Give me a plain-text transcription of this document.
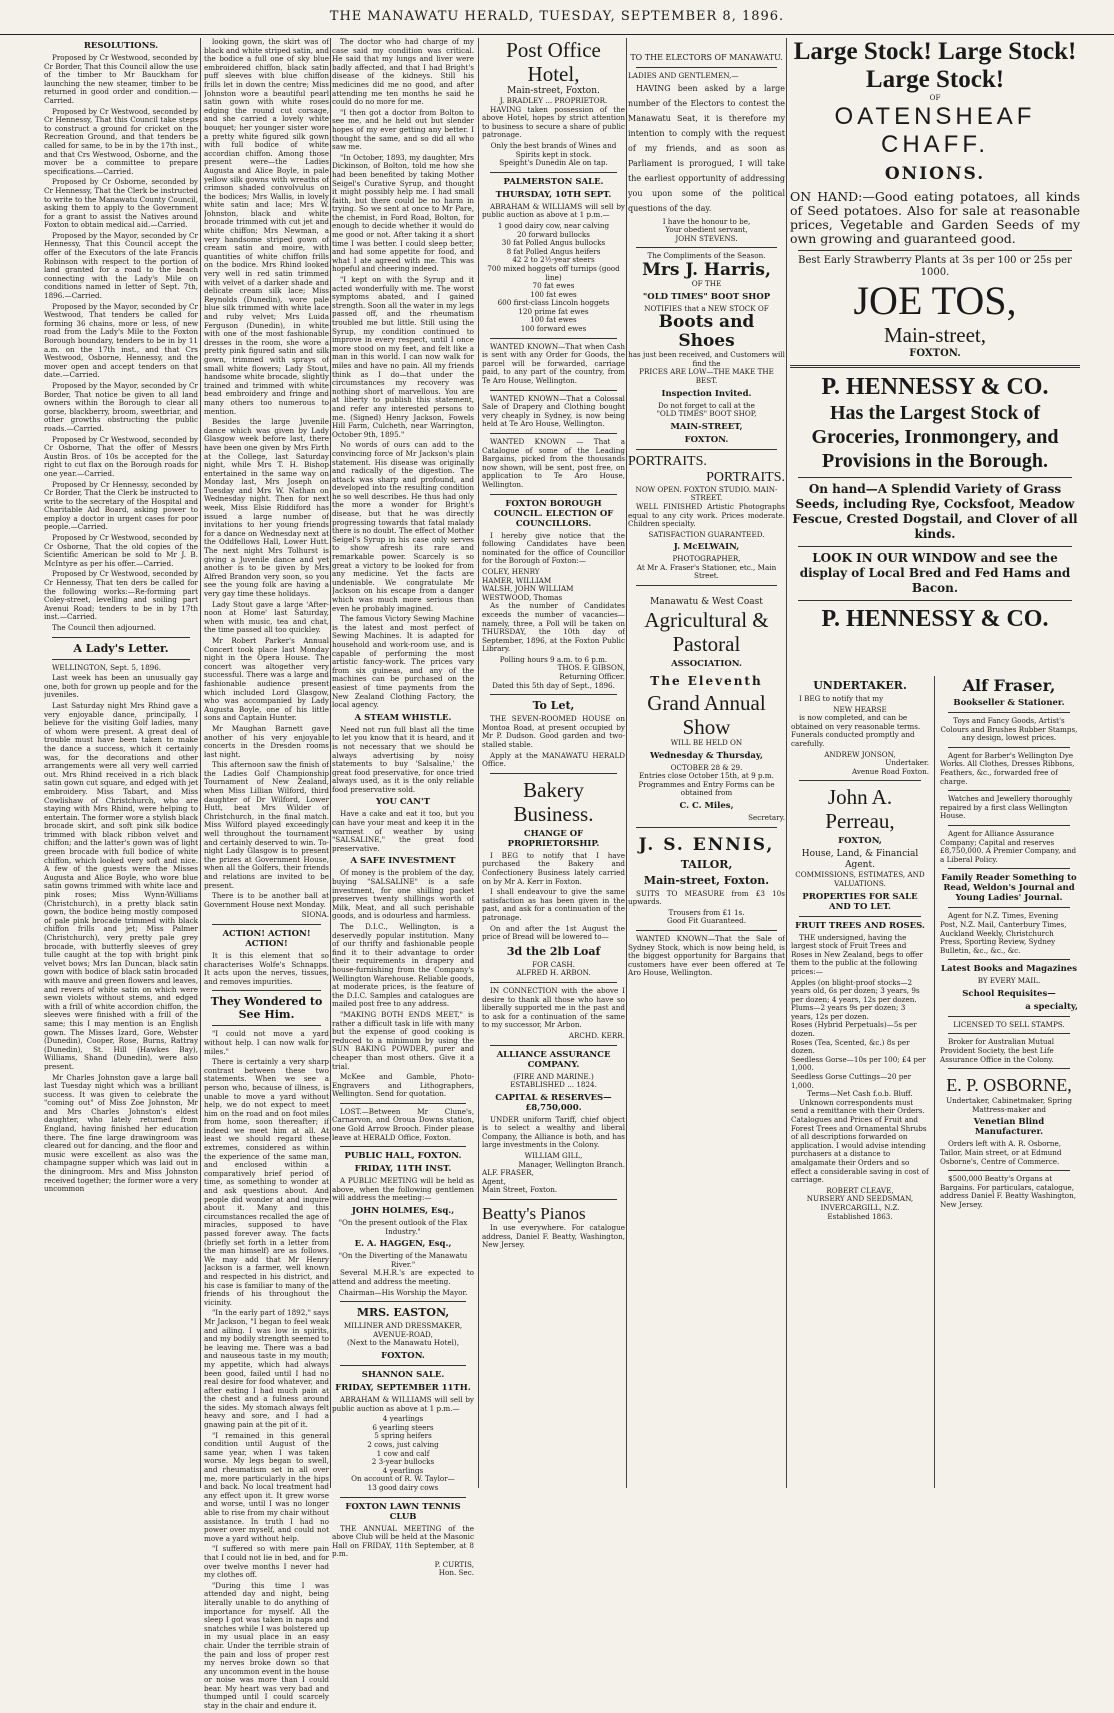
THE MANAWATU HERALD, TUESDAY, SEPTEMBER 8, 1896.
RESOLUTIONS.

Proposed by Cr Westwood, seconded by Cr Border, That this Council allow the use of the timber to Mr Bauckham for launching the new steamer, timber to be returned in good order and condition.—Carried.

Proposed by Cr Westwood, seconded by Cr Hennessy, That this Council take steps to construct a ground for cricket on the Recreation Ground, and that tenders be called for same, to be in by the 17th inst., and that Crs Westwood, Osborne, and the mover be a committee to prepare specifications.—Carried.

Proposed by Cr Osborne, seconded by Cr Hennessy, That the Clerk be instructed to write to the Manawatu County Council, asking them to apply to the Government for a grant to assist the Natives around Foxton to obtain medical aid.—Carried.

Proposed by the Mayor, seconded by Cr Hennessy, That this Council accept the offer of the Executors of the late Francis Robinson with respect to the portion of land granted for a road to the beach connecting with the Lady's Mile on conditions named in letter of Sept. 7th, 1896.—Carried.

Proposed by the Mayor, seconded by Cr Westwood, That tenders be called for forming 36 chains, more or less, of new road from the Lady's Mile to the Foxton Borough boundary, tenders to be in by 11 a.m. on the 17th inst., and that Crs Westwood, Osborne, Hennessy, and the mover open and accept tenders on that date.—Carried.

Proposed by the Mayor, seconded by Cr Border, That notice be given to all land owners within the Borough to clear all gorse, blackberry, broom, sweetbriar, and other growths obstructing the public roads.—Carried.

Proposed by Cr Westwood, seconded by Cr Osborne, That the offer of Messrs Austin Bros. of 10s be accepted for the right to cut flax on the Borough roads for one year.—Carried.

Proposed by Cr Hennessy, seconded by Cr Border, That the Clerk be instructed to write to the secretary of the Hospital and Charitable Aid Board, asking power to employ a doctor in urgent cases for poor people.—Carried.

Proposed by Cr Westwood, seconded by Cr Osborne, That the old copies of the Scientific American be sold to Mr J. B. McIntyre as per his offer.—Carried.

Proposed by Cr Westwood, seconded by Cr Hennessy, That ten ders be called for the following works:—Re-forming part Coley-street, levelling and soiling part Avenui Road; tenders to be in by 17th inst.—Carried.

The Council then adjourned.

A Lady's Letter.

WELLINGTON, Sept. 5, 1896.

Last week has been an unusually gay one, both for grown up people and for the juveniles.

Last Saturday night Mrs Rhind gave a very enjoyable dance, principally, I believe for the visiting Golf ladies, many of whom were present. A great deal of trouble must have been taken to make the dance a success, which it certainly was, for the decorations and other arrangements were all very well carried out. Mrs Rhind received in a rich black satin gown cut square, and edged with jet embroidery. Miss Tabart, and Miss Cowlishaw of Christchurch, who are staying with Mrs Rhind, were helping to entertain. The former wore a stylish black brocade skirt, and soft pink silk bodice trimmed with black ribbon velvet and chiffon; and the latter's gown was of light green brocade with full bodice of white chiffon, which looked very soft and nice. A few of the guests were the Misses Augusta and Alice Boyle, who wore blue satin gowns trimmed with white lace and pink roses; Miss Wynn-Williams (Christchurch), in a pretty black satin gown, the bodice being mostly composed of pale pink brocade trimmed with black chiffon frills and jet; Miss Palmer (Christchurch), very pretty pale grey brocade, with butterfly sleeves of grey tulle caught at the top with bright pink velvet bows; Mrs Ian Duncan, black satin gown with bodice of black satin brocaded with mauve and green flowers and leaves, and revers of white satin on which were sewn violets without stems, and edged with a frill of white accordion chiffon, the sleeves were finished with a frill of the same; this I may mention is an English gown. The Misses Izard, Gore, Webster (Dunedin), Cooper, Rose, Burns, Rattray (Dunedin), St. Hill (Hawkes Bay), Williams, Shand (Dunedin), were also present.

Mr Charles Johnston gave a large ball last Tuesday night which was a brilliant success. It was given to celebrate the "coming out" of Miss Zoe Johnston, Mr and Mrs Charles Johnston's eldest daughter, who lately returned from England, having finished her education there. The fine large drawingroom was cleared out for dancing, and the floor and music were excellent as also was the champagne supper which was laid out in the diningroom. Mrs and Miss Johnston received together; the former wore a very uncommon

looking gown, the skirt was of black and white striped satin, and the bodice a full one of sky blue embroidered chiffon, black satin puff sleeves with blue chiffon frills let in down the centre; Miss Johnston wore a beautiful pearl satin gown with white roses edging the round cut corsage, and she carried a lovely white bouquet; her younger sister wore a pretty white figured silk gown with full bodice of white accordian chiffon. Among those present were—the Ladies Augusta and Alice Boyle, in pale yellow silk gowns with wreaths of crimson shaded convolvulus on the bodices; Mrs Wallis, in lovely white satin and lace; Mrs W. Johnston, black and white brocade trimmed with cut jet and white chiffon; Mrs Newman, a very handsome striped gown of cream satin and moire, with quantities of white chiffon frills on the bodice. Mrs Rhind looked very well in red satin trimmed with velvet of a darker shade and delicate cream silk lace; Miss Reynolds (Dunedin), wore pale blue silk trimmed with white lace and ruby velvet; Mrs Luida Ferguson (Dunedin), in white with one of the most fashionable dresses in the room, she wore a pretty pink figured satin and silk gown, trimmed with sprays of small white flowers; Lady Stout, handsome white brocade, slightly trained and trimmed with white bead embroidery and fringe and many others too numerous to mention.

Besides the large Juvenile dance which was given by Lady Glasgow week before last, there have been one given by Mrs Firth at the College, last Saturday night, while Mrs T. H. Bishop entertained in the same way on Monday last, Mrs Joseph on Tuesday and Mrs W. Nathan on Wednesday night. Then for next week, Miss Elsie Riddiford has issued a large number of invitations to her young friends for a dance on Wednesday next at the Oddfellows Hall, Lower Hutt. The next night Mrs Tolhurst is giving a Juvenile dance and yet another is to be given by Mrs Alfred Brandon very soon, so you see the young folk are having a very gay time these holidays.

Lady Stout gave a large 'After-noon at Home' last Saturday, when with music, tea and chat, the time passed all too quickley.

Mr Robert Parker's Annual Concert took place last Monday night in the Opera House. The concert was altogether very successful. There was a large and fashionable audience present which included Lord Glasgow, who was accompanied by Lady Augusta Boyle, one of his little sons and Captain Hunter.

Mr Maughan Barnett gave another of his very enjoyable concerts in the Dresden rooms last night.

This afternoon saw the finish of the Ladies Golf Championship Tournament of New Zealand, when Miss Lillian Wilford, third daughter of Dr Wilford, Lower Hutt, beat Mrs Wilder of Christchurch, in the final match. Miss Wilford played exceedingly well throughout the tournament and certainly deserved to win. To-night Lady Glasgow is to present the prizes at Government House, when all the Golfers, their friends and relations are invited to be present.

There is to be another ball at Government House next Monday.

SIONA.

ACTION! ACTION! ACTION!

It is this element that so characterises Wolfe's Schnapps. It acts upon the nerves, tissues, and removes impurities.

They Wondered to See Him.

"I could not move a yard without help. I can now walk for miles."

There is certainly a very sharp contrast between these two statements. When we see a person who, because of illness, is unable to move a yard without help, we do not expect to meet him on the road and on foot miles from home, soon thereafter; if indeed we meet him at all. At least we should regard these extremes, considered as within the experience of the same man, and enclosed within a comparatively brief period of time, as something to wonder at and ask questions about. And people did wonder at and inquire about it. Many and this circumstances recalled the age of miracles, supposed to have passed forever away. The facts (briefly set forth in a letter from the man himself) are as follows. We may add that Mr Henry Jackson is a farmer, well known and respected in his district, and his case is familiar to many of the friends of his throughout the vicinity.

"In the early part of 1892," says Mr Jackson, "I began to feel weak and ailing. I was low in spirits, and my bodily strength seemed to be leaving me. There was a bad and nauseous taste in my mouth; my appetite, which had always been good, failed until I had no real desire for food whatever, and after eating I had much pain at the chest and a fulness around the sides. My stomach always felt heavy and sore, and I had a gnawing pain at the pit of it.

"I remained in this general condition until August of the same year, when I was taken worse. My legs began to swell, and rheumatism set in all over me, more particularly in the hips and back. No local treatment had any effect upon it. It grew worse and worse, until I was no longer able to rise from my chair without assistance. In truth I had no power over myself, and could not move a yard without help.

"I suffered so with mere pain that I could not lie in bed, and for over twelve months I never had my clothes off.

"During this time I was attended day and night, being literally unable to do anything of importance for myself. All the sleep I got was taken in naps and snatches while I was bolstered up in my usual place in an easy chair. Under the terrible strain of the pain and loss of proper rest my nerves broke down so that any uncommon event in the house or noise was more than I could bear. My heart was very bad and thumped until I could scarcely stay in the chair and endure it.

The doctor who had charge of my case said my condition was critical. He said that my lungs and liver were badly affected, and that I had Bright's disease of the kidneys. Still his medicines did me no good, and after attending me ten months he said he could do no more for me.

"I then got a doctor from Bolton to see me, and he held out but slender hopes of my ever getting any better. I thought the same, and so did all who saw me.

"In October, 1893, my daughter, Mrs Dickinson, of Bolton, told me how she had been benefited by taking Mother Seigel's Curative Syrup, and thought it might possibly help me. I had small faith, but there could be no harm in trying. So we sent at once to Mr Pare, the chemist, in Ford Road, Bolton, for enough to decide whether it would do me good or not. After taking it a short time I was better. I could sleep better, and had some appetite for food, and what I ate agreed with me. This was hopeful and cheering indeed.

"I kept on with the Syrup and it acted wonderfully with me. The worst symptoms abated, and I gained strength. Soon all the water in my legs passed off, and the rheumatism troubled me but little. Still using the Syrup, my condition continued to improve in every respect, until I once more stood on my feet, and felt like a man in this world. I can now walk for miles and have no pain. All my friends think as I do—that under the circumstances my recovery was nothing short of marvellous. You are at liberty to publish this statement, and refer any interested persons to me. (Signed) Henry Jackson, Fowels Hill Farm, Culcheth, near Warrington, October 9th, 1895."

No words of ours can add to the convincing force of Mr Jackson's plain statement. His disease was originally and radically of the digestion. The attack was sharp and profound, and developed into the resulting condition he so well describes. He thus had only the more a wonder for Bright's disease, but that he was directly progressing towards that fatal malady there is no doubt. The effect of Mother Seigel's Syrup in his case only serves to show afresh its rare and remarkable power. Scarcely is so great a victory to be looked for from any medicine. Yet the facts are undeniable. We congratulate Mr Jackson on his escape from a danger which was much more serious than even he probably imagined.

The famous Victory Sewing Machine is the latest and most perfect of Sewing Machines. It is adapted for household and work-room use, and is capable of performing the most artistic fancy-work. The prices vary from six guineas, and any of the machines can be purchased on the easiest of time payments from the New Zealand Clothing Factory, the local agency.

A STEAM WHISTLE.

Need not run full blast all the time to let you know that it is heard, and it is not necessary that we should be always advertising by noisy statements to buy 'Salsaline,' the great food preservative, for once tried always used, as it is the only reliable food preservative sold.

YOU CAN'T

Have a cake and eat it too, but you can have your meat and keep it in the warmest of weather by using "SALSALINE," the great food preservative.

A SAFE INVESTMENT

Of money is the problem of the day, buying "SALSALINE" is a safe investment, for one shilling packet preserves twenty shillings worth of Milk, Meat, and all such perishable goods, and is odourless and harmless.

The D.I.C., Wellington, is a deservedly popular institution. Many of our thrifty and fashionable people find it to their advantage to order their requirements in drapery and house-furnishing from the Company's Wellington Warehouse. Reliable goods, at moderate prices, is the feature of the D.I.C. Samples and catalogues are mailed post free to any address.

"MAKING BOTH ENDS MEET," is rather a difficult task in life with many but the expense of good cooking is reduced to a minimum by using the SUN BAKING POWDER, purer and cheaper than most others. Give it a trial.

McKee and Gamble, Photo-Engravers and Lithographers, Wellington. Send for quotation.

LOST.—Between Mr Clune's, Carnarvon, and Oroua Downs station, one Gold Arrow Brooch. Finder please leave at HERALD Office, Foxton.

PUBLIC HALL, FOXTON.
FRIDAY, 11TH INST.

A PUBLIC MEETING will be held as above, when the following gentlemen will address the meeting:—

JOHN HOLMES, Esq.,
"On the present outlook of the Flax Industry."
E. A. HAGGEN, Esq.,
"On the Diverting of the Manawatu River."

Several M.H.R.'s are expected to attend and address the meeting.

Chairman—His Worship the Mayor.
MRS. EASTON,
MILLINER AND DRESSMAKER,
AVENUE-ROAD,
(Next to the Manawatu Hotel),
FOXTON.
SHANNON SALE.
FRIDAY, SEPTEMBER 11TH.

ABRAHAM & WILLIAMS will sell by public auction as above at 1 p.m.—

4 yearlings
6 yearling steers
5 spring heifers
2 cows, just calving
1 cow and calf
2 3-year bullocks
4 yearlings
On account of R. W. Taylor—
13 good dairy cows
FOXTON LAWN TENNIS CLUB

THE ANNUAL MEETING of the above Club will be held at the Masonic Hall on FRIDAY, 11th September, at 8 p.m.

P. CURTIS,
Hon. Sec.
Post Office Hotel,
Main-street, Foxton.
J. BRADLEY ... PROPRIETOR.

HAVING taken possession of the above Hotel, hopes by strict attention to business to secure a share of public patronage.

Only the best brands of Wines and Spirits kept in stock.
Speight's Dunedin Ale on tap.
PALMERSTON SALE.
THURSDAY, 10TH SEPT.

ABRAHAM & WILLIAMS will sell by public auction as above at 1 p.m.—

1 good dairy cow, near calving
20 forward bullocks
30 fat Polled Angus bullocks
8 fat Polled Angus heifers
42 2 to 2½-year steers
700 mixed hoggets off turnips (good line)
70 fat ewes
100 fat ewes
600 first-class Lincoln hoggets
120 prime fat ewes
100 fat ewes
100 forward ewes

WANTED KNOWN—That when Cash is sent with any Order for Goods, the parcel will be forwarded, carriage paid, to any part of the country, from Te Aro House, Wellington.

WANTED KNOWN—That a Colossal Sale of Drapery and Clothing bought very cheaply in Sydney, is now being held at Te Aro House, Wellington.

WANTED KNOWN — That a Catalogue of some of the Leading Bargains, picked from the thousands now shown, will be sent, post free, on application to Te Aro House, Wellington.

FOXTON BOROUGH COUNCIL. ELECTION OF COUNCILLORS.

I hereby give notice that the following Candidates have been nominated for the office of Councillor for the Borough of Foxton:—

COLEY, HENRY
HAMER, WILLIAM
WALSH, JOHN WILLIAM
WESTWOOD, Thomas

As the number of Candidates exceeds the number of vacancies—namely, three, a Poll will be taken on THURSDAY, the 10th day of September, 1896, at the Foxton Public Library.

Polling hours 9 a.m. to 6 p.m.
THOS. F. GIBSON,
Returning Officer.
Dated this 5th day of Sept., 1896.
To Let,

THE SEVEN-ROOMED HOUSE on Montoa Road, at present occupied by Mr P. Dudson. Good garden and two-stalled stable.

Apply at the MANAWATU HERALD Office.

Bakery Business.
CHANGE OF PROPRIETORSHIP.

I BEG to notify that I have purchased the Bakery and Confectionery Business lately carried on by Mr A. Kerr in Foxton.

I shall endeavour to give the same satisfaction as has been given in the past, and ask for a continuation of the patronage.

On and after the 1st August the price of Bread will be lowered to—

3d the 2lb Loaf
FOR CASH.
ALFRED H. ARBON.

IN CONNECTION with the above I desire to thank all those who have so liberally supported me in the past and to ask for a continuation of the same to my successor, Mr Arbon.

ARCHD. KERR.
ALLIANCE ASSURANCE COMPANY.
(FIRE AND MARINE.)
ESTABLISHED ... 1824.
CAPITAL & RESERVES—£8,750,000.

UNDER uniform Tariff, chief object is to select a wealthy and liberal Company, the Alliance is both, and has large investments in the Colony.

WILLIAM GILL,
Manager, Wellington Branch.
ALF. FRASER,
Agent,
Main Street, Foxton.
Beatty's Pianos

In use everywhere. For catalogue address, Daniel F. Beatty, Washington, New Jersey.

TO THE ELECTORS OF MANAWATU.
LADIES AND GENTLEMEN,—

HAVING been asked by a large number of the Electors to contest the Manawatu Seat, it is therefore my intention to comply with the request of my friends, and as soon as Parliament is prorogued, I will take the earliest opportunity of addressing you upon some of the political questions of the day.

I have the honour to be,
Your obedient servant,
JOHN STEVENS.
The Compliments of the Season.
Mrs J. Harris,
OF THE
"OLD TIMES" BOOT SHOP
NOTIFIES that a NEW STOCK OF
Boots and Shoes
has just been received, and Customers will find the
PRICES ARE LOW—THE MAKE THE BEST.
Inspection Invited.
Do not forget to call at the
"OLD TIMES" BOOT SHOP,
MAIN-STREET,
FOXTON.
PORTRAITS.
PORTRAITS.
NOW OPEN. FOXTON STUDIO. MAIN-STREET.

WELL FINISHED Artistic Photographs equal to any city work. Prices moderate. Children specialty.

SATISFACTION GUARANTEED.
J. McELWAIN,
PHOTOGRAPHER,
At Mr A. Fraser's Stationer, etc., Main Street.
Manawatu & West Coast
Agricultural & Pastoral
ASSOCIATION.
The Eleventh
Grand Annual Show
WILL BE HELD ON
Wednesday & Thursday,
OCTOBER 28 & 29.
Entries close October 15th, at 9 p.m.
Programmes and Entry Forms can be obtained from
C. C. Miles,
Secretary.
J. S. ENNIS,
TAILOR,
Main-street, Foxton.

SUITS TO MEASURE from £3 10s upwards.

Trousers from £1 1s.
Good Fit Guaranteed.

WANTED KNOWN—That the Sale of Sydney Stock, which is now being held, is the biggest opportunity for Bargains that customers have ever been offered at Te Aro House, Wellington.

Large Stock! Large Stock!
Large Stock!
OF
OATENSHEAF CHAFF.
ONIONS.
ON HAND:—Good eating potatoes, all kinds of Seed potatoes. Also for sale at reasonable prices, Vegetable and Garden Seeds of my own growing and guaranteed good.
Best Early Strawberry Plants at 3s per 100 or 25s per 1000.
JOE TOS,
Main-street,
FOXTON.
P. HENNESSY & CO.
Has the Largest Stock of Groceries, Ironmongery, and Provisions in the Borough.
On hand—A Splendid Variety of Grass Seeds, including Rye, Cocksfoot, Meadow Fescue, Crested Dogstail, and Clover of all kinds.
LOOK IN OUR WINDOW and see the display of Local Bred and Fed Hams and Bacon.
P. HENNESSY & CO.
UNDERTAKER.

I BEG to notify that my

NEW HEARSE

is now completed, and can be obtained on very reasonable terms. Funerals conducted promptly and carefully.

ANDREW JONSON,
Undertaker.
Avenue Road Foxton.
John A. Perreau,
FOXTON,
House, Land, & Financial Agent.
COMMISSIONS, ESTIMATES, AND VALUATIONS.
PROPERTIES FOR SALE AND TO LET.
FRUIT TREES AND ROSES.

THE undersigned, having the largest stock of Fruit Trees and Roses in New Zealand, begs to offer them to the public at the following prices:—

Apples (on blight-proof stocks—2 years old, 6s per dozen; 3 years, 9s per dozen; 4 years, 12s per dozen.
Plums—2 years 9s per dozen; 3 years, 12s per dozen.
Roses (Hybrid Perpetuals)—5s per dozen.
Roses (Tea, Scented, &c.) 8s per dozen.
Seedless Gorse—10s per 100; £4 per 1,000.
Seedless Gorse Cuttings—20 per 1,000.
Terms—Net Cash f.o.b. Bluff.

Unknown correspondents must send a remittance with their Orders. Catalogues and Prices of Fruit and Forest Trees and Ornamental Shrubs of all descriptions forwarded on application. I would advise intending purchasers at a distance to amalgamate their Orders and so effect a considerable saving in cost of carriage.

ROBERT CLEAVE,
NURSERY AND SEEDSMAN,
INVERCARGILL, N.Z.
Established 1863.
Alf Fraser,
Bookseller & Stationer.
Toys and Fancy Goods, Artist's Colours and Brushes Rubber Stamps, any design, lowest prices.

Agent for Barber's Wellington Dye Works. All Clothes, Dresses Ribbons, Feathers, &c., forwarded free of charge.

Watches and Jewellery thoroughly repaired by a first class Wellington House.

Agent for Alliance Assurance Company; Capital and reserves £8,750,000. A Premier Company, and a Liberal Policy.

Family Reader Something to Read, Weldon's Journal and Young Ladies' Journal.

Agent for N.Z. Times, Evening Post, N.Z. Mail, Canterbury Times, Auckland Weekly, Christchurch Press, Sporting Review, Sydney Bulletin, &c., &c., &c.

Latest Books and Magazines
BY EVERY MAIL.
School Requisites—
a specialty,
LICENSED TO SELL STAMPS.

Broker for Australian Mutual Provident Society, the best Life Assurance Office in the Colony.

E. P. OSBORNE,
Undertaker, Cabinetmaker, Spring
Mattress-maker and
Venetian Blind Manufacturer.

Orders left with A. R. Osborne, Tailor, Main street, or at Edmund Osborne's, Centre of Commerce.

$500,000 Beatty's Organs at Bargains. For particulars, catalogue, address Daniel F. Beatty Washington, New Jersey.
